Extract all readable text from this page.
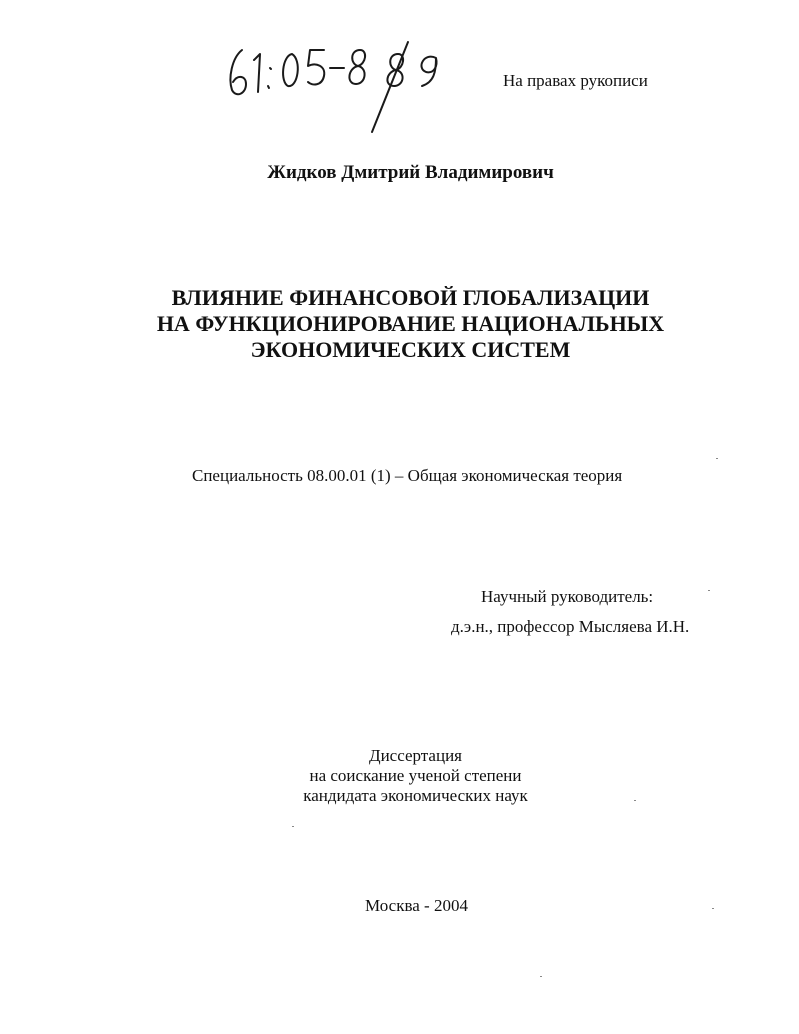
На правах рукописи
Жидков Дмитрий Владимирович
ВЛИЯНИЕ ФИНАНСОВОЙ ГЛОБАЛИЗАЦИИ
НА ФУНКЦИОНИРОВАНИЕ НАЦИОНАЛЬНЫХ
ЭКОНОМИЧЕСКИХ СИСТЕМ
Специальность 08.00.01 (1) – Общая экономическая теория
Научный руководитель:
д.э.н., профессор Мысляева И.Н.
Диссертация
на соискание ученой степени
кандидата экономических наук
Москва - 2004
